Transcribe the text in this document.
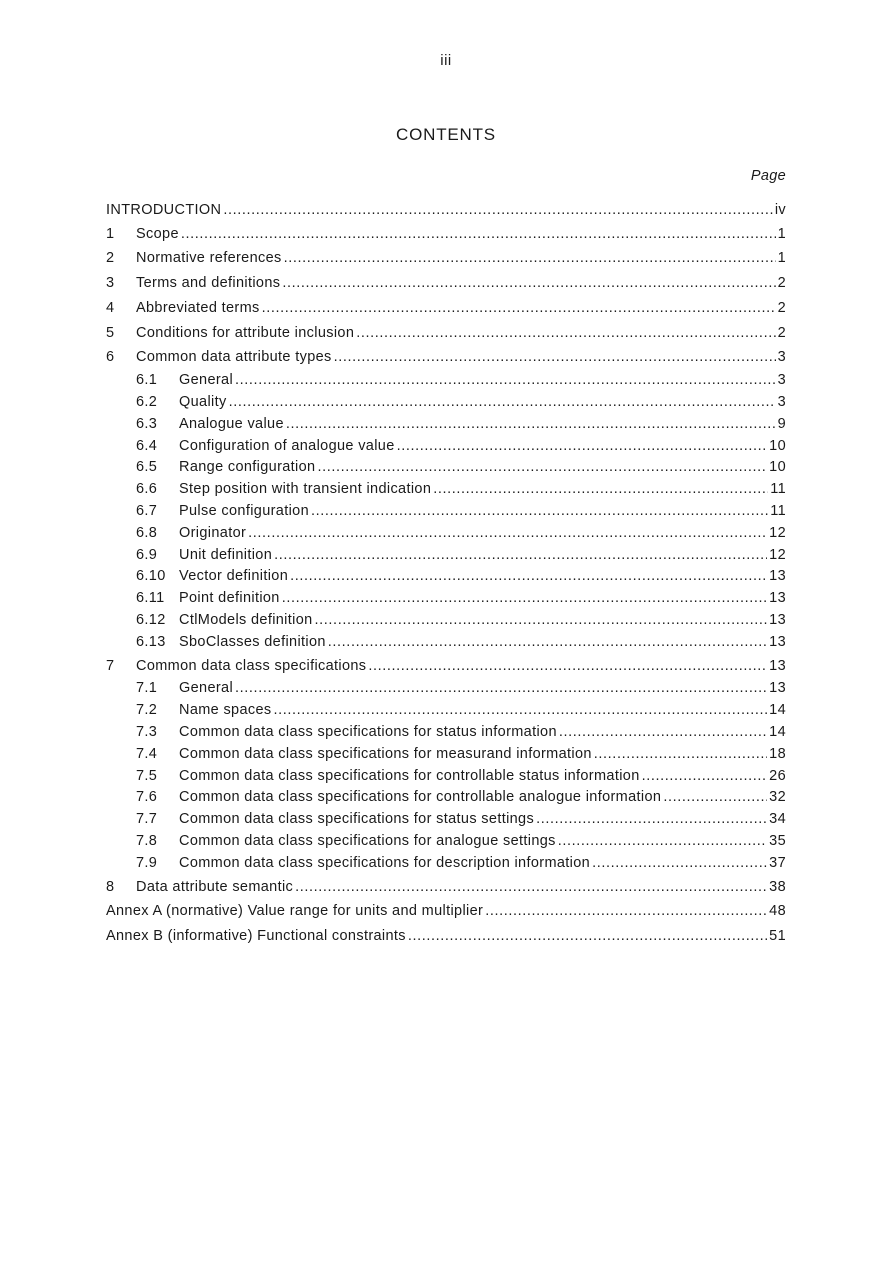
iii
CONTENTS
Page
INTRODUCTION .....	iv
1	Scope .....	1
2	Normative references .....	1
3	Terms and definitions .....	2
4	Abbreviated terms .....	2
5	Conditions for attribute inclusion .....	2
6	Common data attribute types .....	3
6.1	General .....	3
6.2	Quality .....	3
6.3	Analogue value .....	9
6.4	Configuration of analogue value .....	10
6.5	Range configuration .....	10
6.6	Step position with transient indication .....	11
6.7	Pulse configuration .....	11
6.8	Originator .....	12
6.9	Unit definition .....	12
6.10 Vector definition .....	13
6.11 Point definition .....	13
6.12 CtlModels definition .....	13
6.13 SboClasses definition .....	13
7	Common data class specifications .....	13
7.1	General .....	13
7.2	Name spaces .....	14
7.3	Common data class specifications for status information .....	14
7.4	Common data class specifications for measurand information .....	18
7.5	Common data class specifications for controllable status information .....	26
7.6	Common data class specifications for controllable analogue information .....	32
7.7	Common data class specifications for status settings .....	34
7.8	Common data class specifications for analogue settings .....	35
7.9	Common data class specifications for description information .....	37
8	Data attribute semantic .....	38
Annex A (normative) Value range for units and multiplier .....	48
Annex B (informative) Functional constraints .....	51
